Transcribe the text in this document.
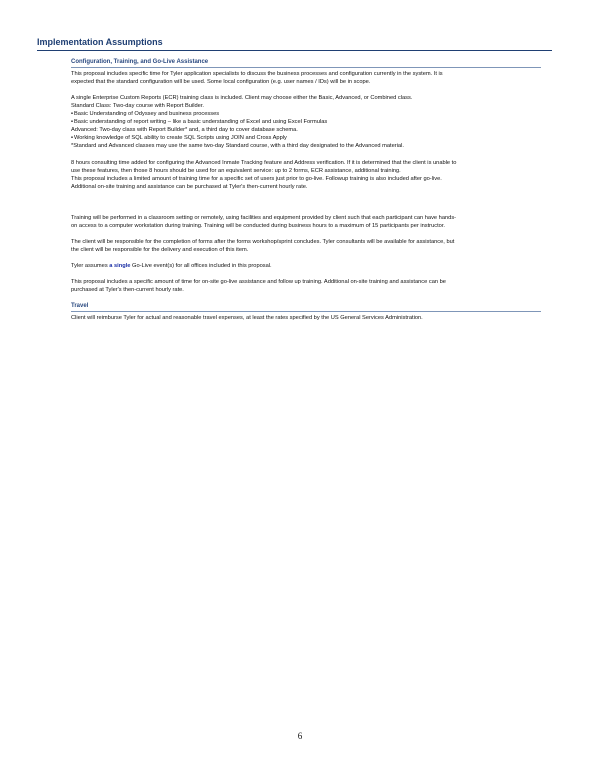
Implementation Assumptions
Configuration, Training, and Go-Live Assistance
This proposal includes specific time for Tyler application specialists to discuss the business processes and configuration currently in the system. It is
expected that the standard configuration will be used. Some local configuration (e.g. user names / IDs) will be in scope.
A single Enterprise Custom Reports (ECR) training class is included. Client may choose either the Basic, Advanced, or Combined class.
Standard Class: Two-day course with Report Builder.
•Basic Understanding of Odyssey and business processes
•Basic understanding of report writing – like a basic understanding of Excel and using Excel Formulas
Advanced: Two-day class with Report Builder* and, a third day to cover database schema.
•Working knowledge of SQL ability to create SQL Scripts using JOIN and Cross Apply
*Standard and Advanced classes may use the same two-day Standard course, with a third day designated to the Advanced material.
8 hours consulting time added for configuring the Advanced Inmate Tracking feature and Address verification. If it is determined that the client is unable to
use these features, then those 8 hours should be used for an equivalent service: up to 2 forms, ECR assistance, additional training.
This proposal includes a limited amount of training time for a specific set of users just prior to go-live. Followup training is also included after go-live.
Additional on-site training and assistance can be purchased at Tyler's then-current hourly rate.
Training will be performed in a classroom setting or remotely, using facilities and equipment provided by client such that each participant can have hands-
on access to a computer workstation during training. Training will be conducted during business hours to a maximum of 15 participants per instructor.
The client will be responsible for the completion of forms after the forms workshop/sprint concludes. Tyler consultants will be available for assistance, but
the client will be responsible for the delivery and execution of this item.
Tyler assumes a single Go-Live event(s) for all offices included in this proposal.
This proposal includes a specific amount of time for on-site go-live assistance and follow up training. Additional on-site training and assistance can be
purchased at Tyler's then-current hourly rate.
Travel
Client will reimburse Tyler for actual and reasonable travel expenses, at least the rates specified by the US General Services Administration.
6
